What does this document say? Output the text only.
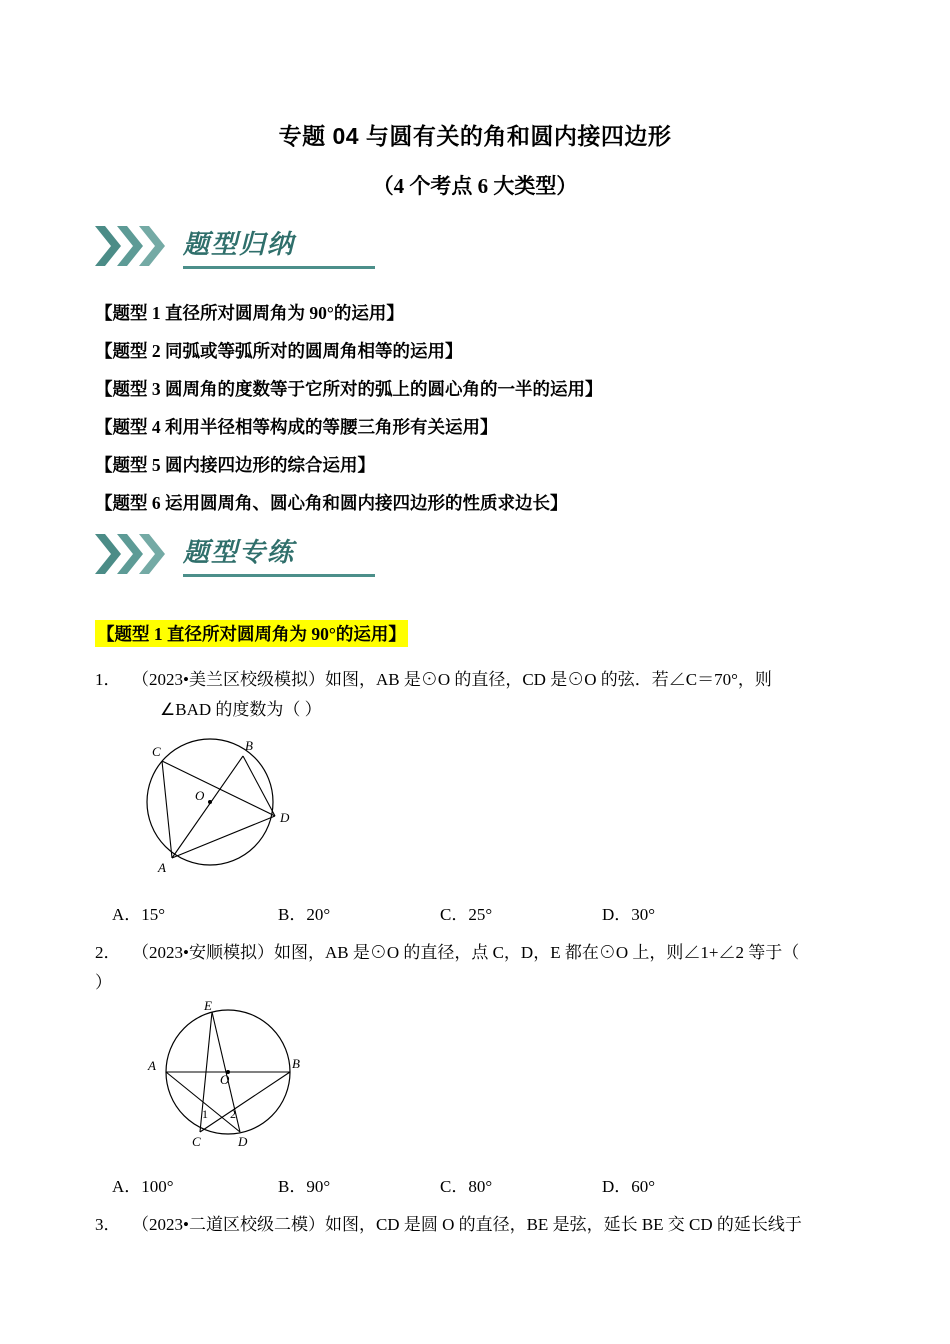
专题 04 与圆有关的角和圆内接四边形
（4 个考点 6 大类型）
题型归纳
【题型 1 直径所对圆周角为 90°的运用】
【题型 2 同弧或等弧所对的圆周角相等的运用】
【题型 3 圆周角的度数等于它所对的弧上的圆心角的一半的运用】
【题型 4 利用半径相等构成的等腰三角形有关运用】
【题型 5 圆内接四边形的综合运用】
【题型 6 运用圆周角、圆心角和圆内接四边形的性质求边长】
题型专练
【题型 1 直径所对圆周角为 90°的运用】
1． （2023•美兰区校级模拟）如图，AB 是⊙O 的直径，CD 是⊙O 的弦．若∠C＝70°，则
∠BAD 的度数为（ ）
C	B
O
D
A
A．15°	B．20°	C．25°	D．30°
2． （2023•安顺模拟）如图，AB 是⊙O 的直径，点 C，D，E 都在⊙O 上，则∠1+∠2 等于（
）
E
A
O
B
1 2
C	D
A．100°	B．90°	C．80°	D．60°
3． （2023•二道区校级二模）如图，CD 是圆 O 的直径，BE 是弦，延长 BE 交 CD 的延长线于
